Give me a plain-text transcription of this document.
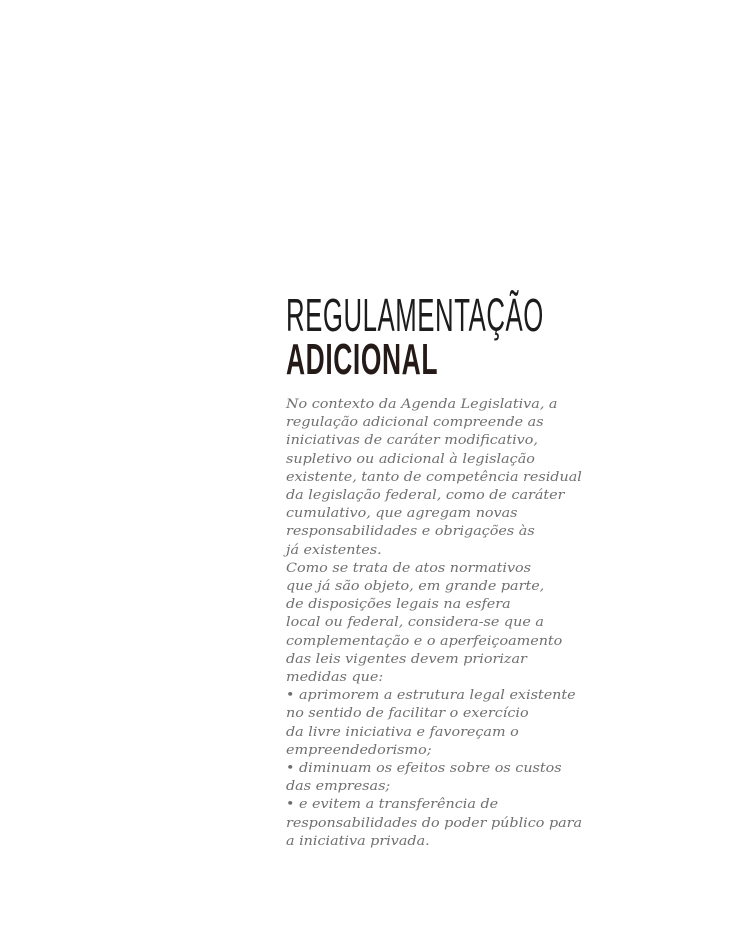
REGULAMENTAÇÃO
ADICIONAL
No contexto da Agenda Legislativa, a
regulação adicional compreende as
iniciativas de caráter modificativo,
supletivo ou adicional à legislação
existente, tanto de competência residual
da legislação federal, como de caráter
cumulativo, que agregam novas
responsabilidades e obrigações às
já existentes.
Como se trata de atos normativos
que já são objeto, em grande parte,
de disposições legais na esfera
local ou federal, considera-se que a
complementação e o aperfeiçoamento
das leis vigentes devem priorizar
medidas que:
• aprimorem a estrutura legal existente
no sentido de facilitar o exercício
da livre iniciativa e favoreçam o
empreendedorismo;
• diminuam os efeitos sobre os custos
das empresas;
• e evitem a transferência de
responsabilidades do poder público para
a iniciativa privada.
